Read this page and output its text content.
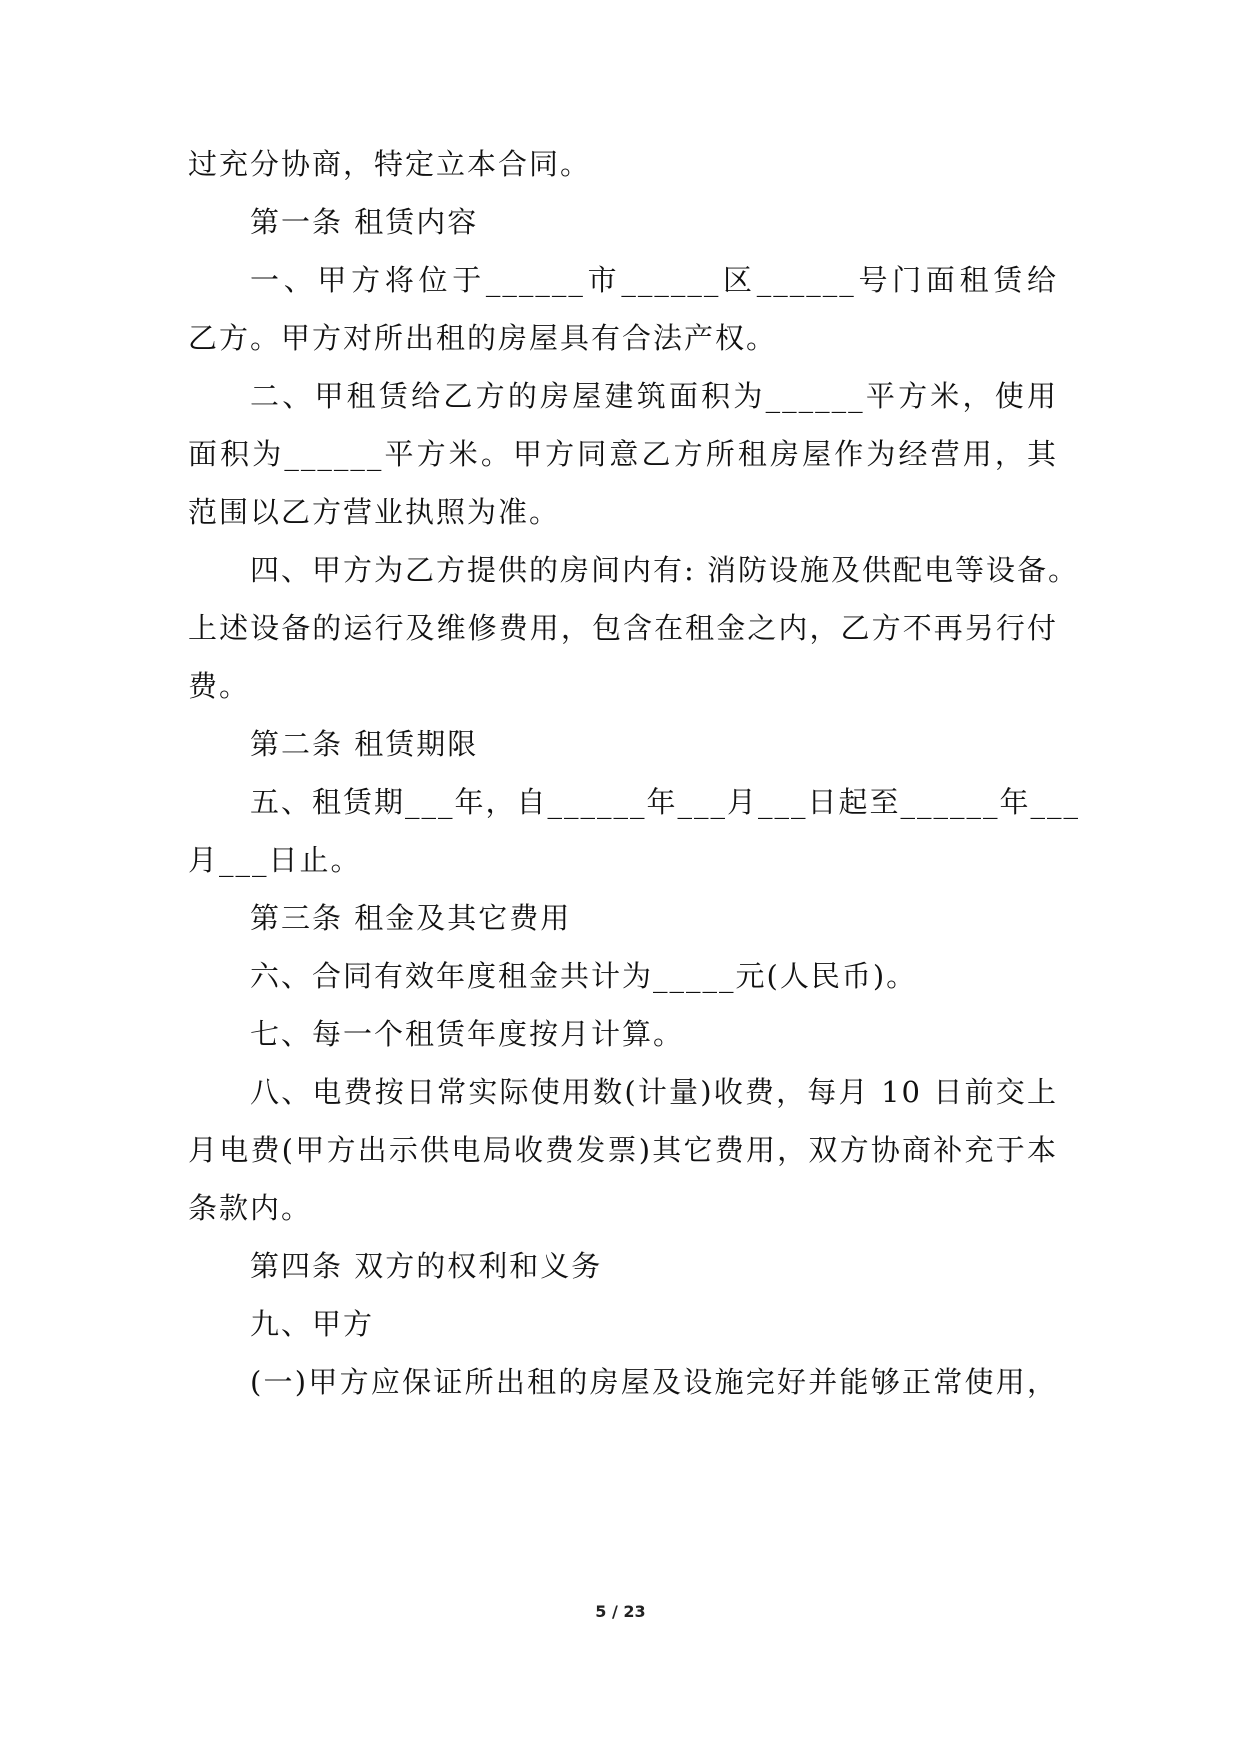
过充分协商，特定立本合同。
第一条 租赁内容
一、甲方将位于______市______区______号门面租赁给
乙方。甲方对所出租的房屋具有合法产权。
二、甲租赁给乙方的房屋建筑面积为______平方米，使用
面积为______平方米。甲方同意乙方所租房屋作为经营用，其
范围以乙方营业执照为准。
四、甲方为乙方提供的房间内有: 消防设施及供配电等设备。
上述设备的运行及维修费用，包含在租金之内，乙方不再另行付
费。
第二条 租赁期限
五、租赁期___年，自______年___月___日起至______年___
月___日止。
第三条 租金及其它费用
六、合同有效年度租金共计为_____元(人民币)。
七、每一个租赁年度按月计算。
八、电费按日常实际使用数(计量)收费，每月 10 日前交上
月电费(甲方出示供电局收费发票)其它费用，双方协商补充于本
条款内。
第四条 双方的权利和义务
九、甲方
(一)甲方应保证所出租的房屋及设施完好并能够正常使用，
5 / 23
